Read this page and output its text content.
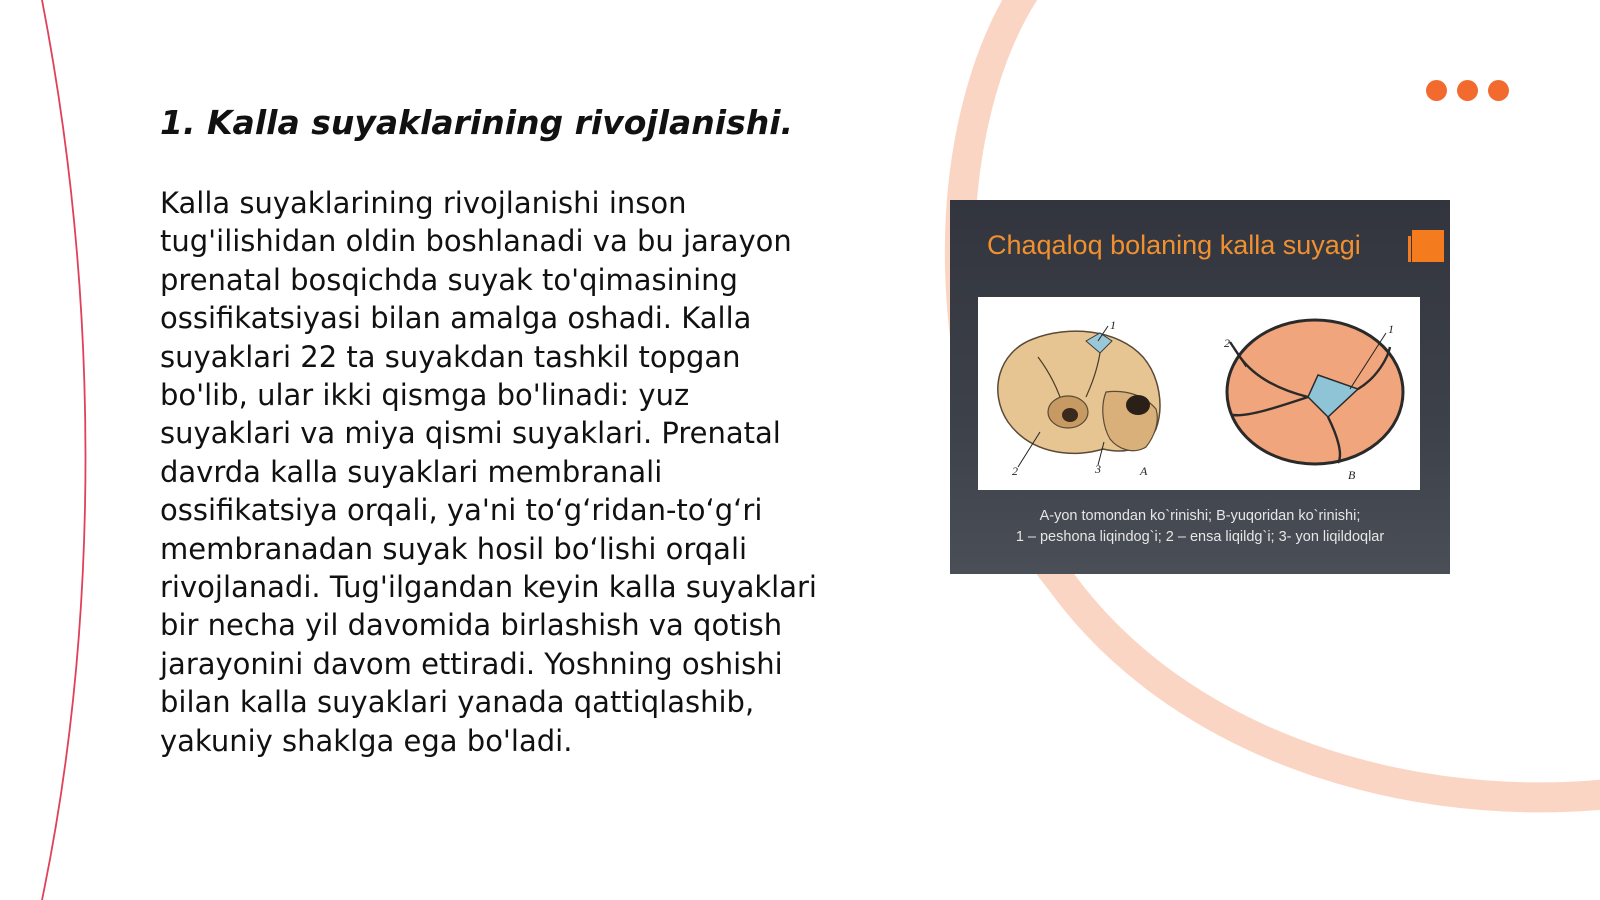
1. Kalla suyaklarining rivojlanishi.
Kalla suyaklarining rivojlanishi inson
tug'ilishidan oldin boshlanadi va bu jarayon
prenatal bosqichda suyak to'qimasining
ossifikatsiyasi bilan amalga oshadi. Kalla
suyaklari 22 ta suyakdan tashkil topgan
bo'lib, ular ikki qismga bo'linadi: yuz
suyaklari va miya qismi suyaklari. Prenatal
davrda kalla suyaklari membranali
ossifikatsiya orqali, ya'ni to‘g‘ridan-to‘g‘ri
membranadan suyak hosil bo‘lishi orqali
rivojlanadi. Tug'ilgandan keyin kalla suyaklari
bir necha yil davomida birlashish va qotish
jarayonini davom ettiradi. Yoshning oshishi
bilan kalla suyaklari yanada qattiqlashib,
yakuniy shaklga ega bo'ladi.
Chaqaloq bolaning kalla suyagi
1
2	3	A
1
2
B

A-yon tomondan ko`rinishi; B-yuqoridan ko`rinishi;

1 – peshona liqindog`i; 2 – ensa liqildg`i; 3- yon liqildoqlar
